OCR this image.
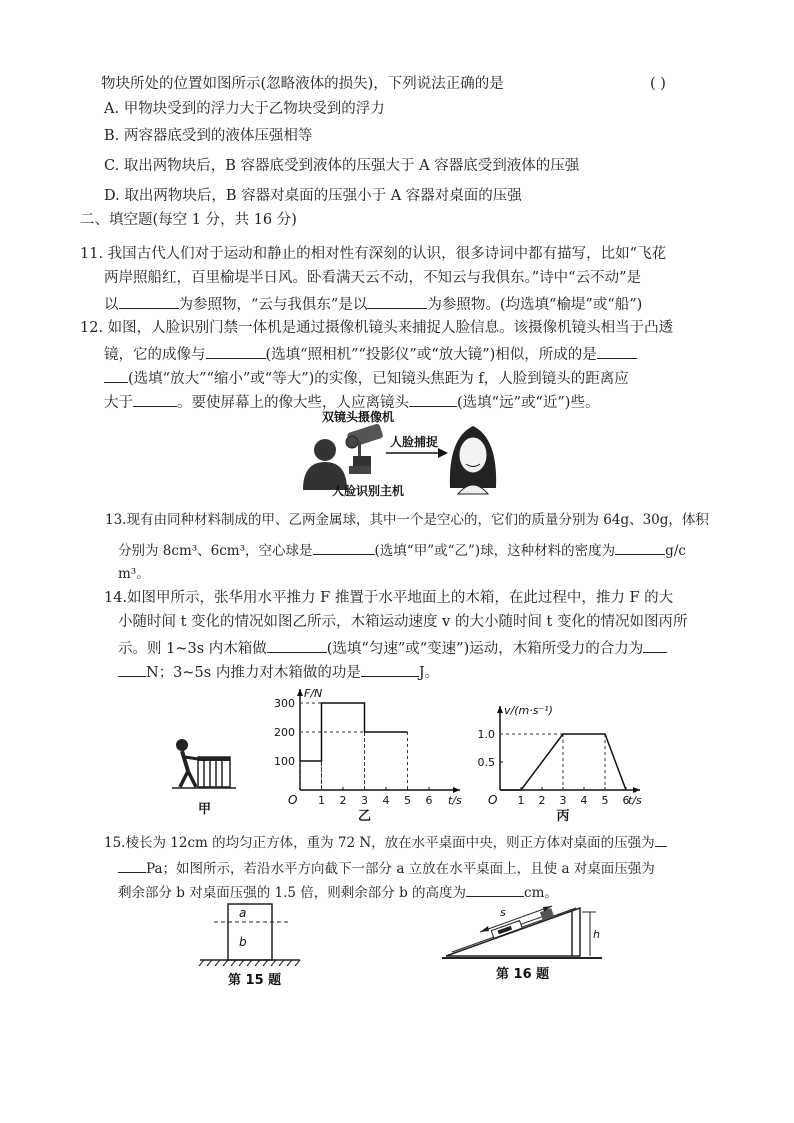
物块所处的位置如图所示(忽略液体的损失)，下列说法正确的是	( )
A. 甲物块受到的浮力大于乙物块受到的浮力
B. 两容器底受到的液体压强相等
C. 取出两物块后，B 容器底受到液体的压强大于 A 容器底受到液体的压强
D. 取出两物块后，B 容器对桌面的压强小于 A 容器对桌面的压强
二、填空题(每空 1 分，共 16 分)
11. 我国古代人们对于运动和静止的相对性有深刻的认识，很多诗词中都有描写，比如“飞花
两岸照船红，百里榆堤半日风。卧看满天云不动，不知云与我俱东。”诗中“云不动”是
以	为参照物，“云与我俱东”是以	为参照物。(均选填“榆堤”或“船”)
12. 如图，人脸识别门禁一体机是通过摄像机镜头来捕捉人脸信息。该摄像机镜头相当于凸透
镜，它的成像与	(选填“照相机”“投影仪”或“放大镜”)相似，所成的是
(选填“放大”“缩小”或“等大”)的实像，已知镜头焦距为 f，人脸到镜头的距离应
大于	。要使屏幕上的像大些，人应离镜头	(选填“远”或“近”)些。
双镜头摄像机
人脸捕捉
人脸识别主机
13.现有由同种材料制成的甲、乙两金属球，其中一个是空心的，它们的质量分别为 64g、30g，体积
分别为 8cm³、6cm³，空心球是	(选填“甲”或“乙”)球，这种材料的密度为	g/c
m³。
14.如图甲所示，张华用水平推力 F 推置于水平地面上的木箱，在此过程中，推力 F 的大
小随时间 t 变化的情况如图乙所示，木箱运动速度 v 的大小随时间 t 变化的情况如图丙所
示。则 1~3s 内木箱做	(选填“匀速”或“变速”)运动，木箱所受力的合力为
N；3~5s 内推力对木箱做的功是	J。
甲
1 2 3 4 5 6
100
200
300
O	t/s
F/N
乙
1 2 3 4 5 6
0.5
1.0
O	t/s
v/(m·s⁻¹)
丙
15.棱长为 12cm 的均匀正方体，重为 72 N，放在水平桌面中央，则正方体对桌面的压强为
Pa；如图所示，若沿水平方向截下一部分 a 立放在水平桌面上，且使 a 对桌面压强为
剩余部分 b 对桌面压强的 1.5 倍，则剩余部分 b 的高度为	cm。
a
b
第 15 题
s
h
第 16 题
